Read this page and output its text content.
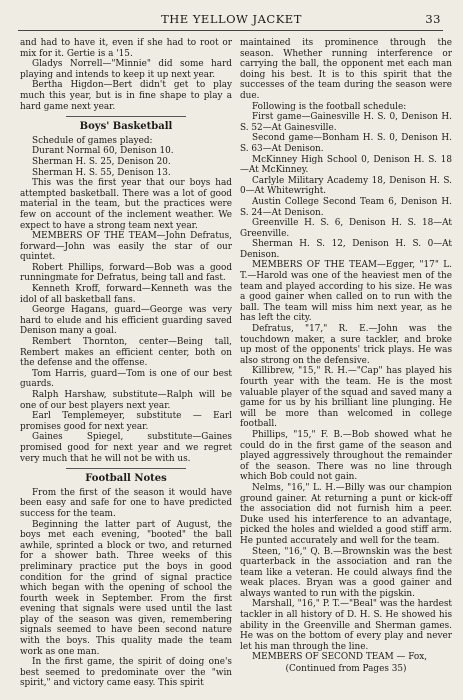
THE YELLOW JACKET	33

and had to have it, even if she had to root or mix for it. Gertie is a '15.

Gladys Norrell—"Minnie" did some hard playing and intends to keep it up next year.

Bertha Higdon—Bert didn't get to play much this year, but is in fine shape to play a hard game next year.

Boys' Basketball

Schedule of games played:

Durant Normal 60, Denison 10.

Sherman H. S. 25, Denison 20.

Sherman H. S. 55, Denison 13.

This was the first year that our boys had attempted basketball. There was a lot of good material in the team, but the practices were few on account of the inclement weather. We expect to have a strong team next year.

MEMBERS OF THE TEAM—John Defratus, forward—John was easily the star of our quintet.

Robert Phillips, forward—Bob was a good runningmate for Defratus, being tall and fast.

Kenneth Kroff, forward—Kenneth was the idol of all basketball fans.

George Hagans, guard—George was very hard to elude and his efficient guarding saved Denison many a goal.

Rembert Thornton, center—Being tall, Rembert makes an efficient center, both on the defense and the offense.

Tom Harris, guard—Tom is one of our best guards.

Ralph Harshaw, substitute—Ralph will be one of our best players next year.

Earl Templemeyer, substitute — Earl promises good for next year.

Gaines Spiegel, substitute—Gaines promised good for next year and we regret very much that he will not be with us.

Football Notes

From the first of the season it would have been easy and safe for one to have predicted success for the team.

Beginning the latter part of August, the boys met each evening, "booted" the ball awhile, sprinted a block or two, and returned for a shower bath. Three weeks of this preliminary practice put the boys in good condition for the grind of signal practice which began with the opening of school the fourth week in September. From the first evening that signals were used until the last play of the season was given, remembering signals seemed to have been second nature with the boys. This quality made the team work as one man.

In the first game, the spirit of doing one's best seemed to predominate over the "win spirit," and victory came easy. This spirit

maintained its prominence through the season. Whether running interference or carrying the ball, the opponent met each man doing his best. It is to this spirit that the successes of the team during the season were due.

Following is the football schedule:

First game—Gainesville H. S. 0, Denison H. S. 52—At Gainesville.

Second game—Bonham H. S. 0, Denison H. S. 63—At Denison.

McKinney High School 0, Denison H. S. 18—At McKinney.

Carlyle Military Academy 18, Denison H. S. 0—At Whitewright.

Austin College Second Team 6, Denison H. S. 24—At Denison.

Greenville H. S. 6, Denison H. S. 18—At Greenville.

Sherman H. S. 12, Denison H. S. 0—At Denison.

MEMBERS OF THE TEAM—Egger, "17" L. T.—Harold was one of the heaviest men of the team and played according to his size. He was a good gainer when called on to run with the ball. The team will miss him next year, as he has left the city.

Defratus, "17," R. E.—John was the touchdown maker, a sure tackler, and broke up most of the opponents' trick plays. He was also strong on the defensive.

Killibrew, "15," R. H.—"Cap" has played his fourth year with the team. He is the most valuable player of the squad and saved many a game for us by his brilliant line plunging. He will be more than welcomed in college football.

Phillips, "15," F. B.—Bob showed what he could do in the first game of the season and played aggressively throughout the remainder of the season. There was no line through which Bob could not gain.

Nelms, "16," L. H.—Billy was our champion ground gainer. At returning a punt or kick-off the association did not furnish him a peer. Duke used his interference to an advantage, picked the holes and wielded a good stiff arm. He punted accurately and well for the team.

Steen, "16," Q. B.—Brownskin was the best quarterback in the association and ran the team like a veteran. He could always find the weak places. Bryan was a good gainer and always wanted to run with the pigskin.

Marshall, "16," P. T.—"Beal" was the hardest tackler in all history of D. H. S. He showed his ability in the Greenville and Sherman games. He was on the bottom of every play and never let his man through the line.

MEMBERS OF SECOND TEAM — Fox,

(Continued from Pages 35)
